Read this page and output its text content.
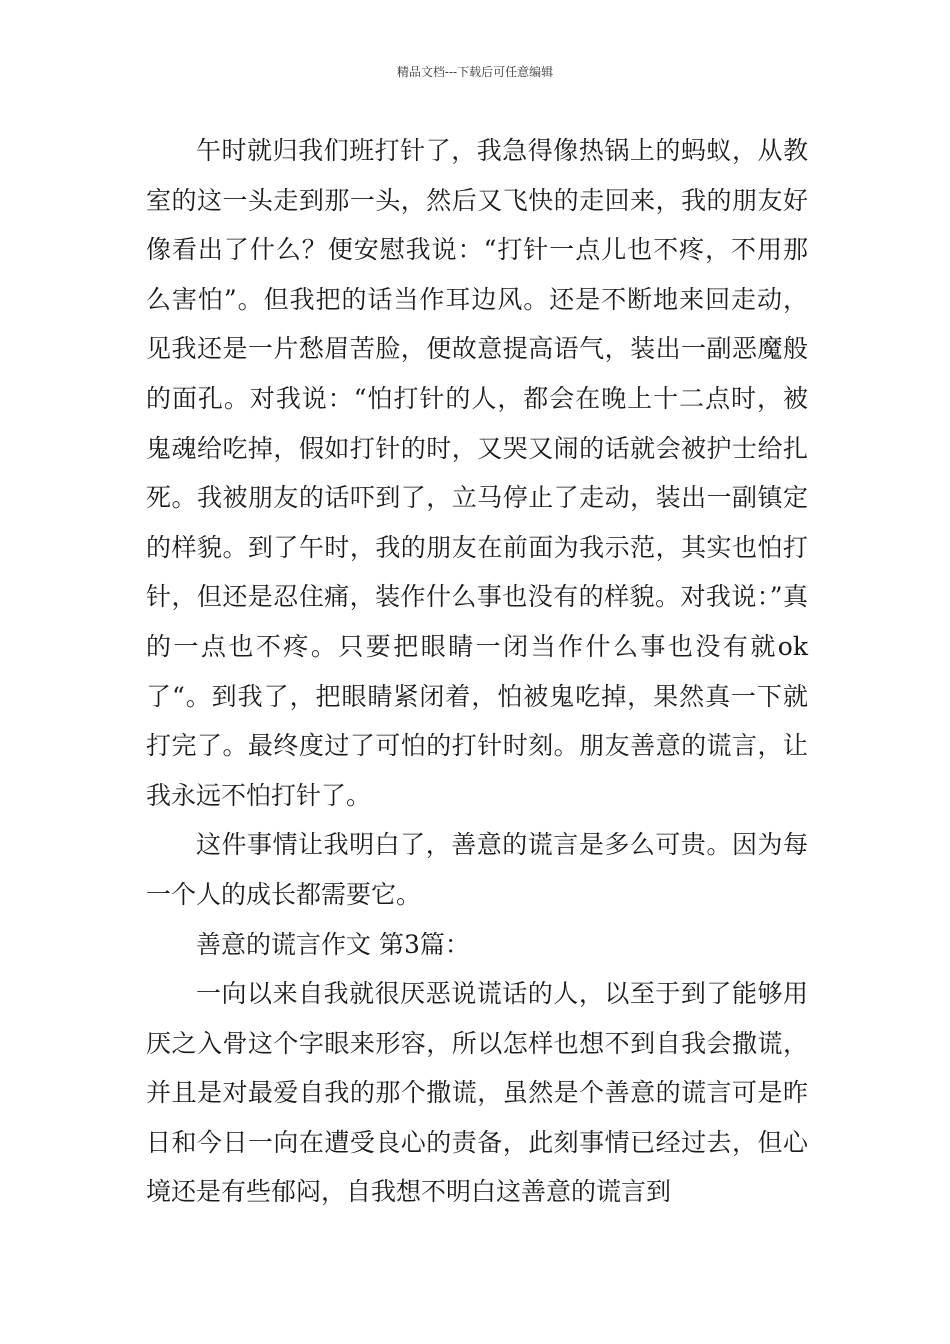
精品文档---下载后可任意编辑

午时就归我们班打针了，我急得像热锅上的蚂蚁，从教室的这一头走到那一头，然后又飞快的走回来，我的朋友好像看出了什么？便安慰我说：“打针一点儿也不疼，不用那么害怕”。但我把的话当作耳边风。还是不断地来回走动，见我还是一片愁眉苦脸，便故意提高语气，装出一副恶魔般的面孔。对我说：“怕打针的人，都会在晚上十二点时，被鬼魂给吃掉，假如打针的时，又哭又闹的话就会被护士给扎死。我被朋友的话吓到了，立马停止了走动，装出一副镇定的样貌。到了午时，我的朋友在前面为我示范，其实也怕打针，但还是忍住痛，装作什么事也没有的样貌。对我说：”真的一点也不疼。只要把眼睛一闭当作什么事也没有就ok了“。到我了，把眼睛紧闭着，怕被鬼吃掉，果然真一下就打完了。最终度过了可怕的打针时刻。朋友善意的谎言，让我永远不怕打针了。

这件事情让我明白了，善意的谎言是多么可贵。因为每一个人的成长都需要它。

善意的谎言作文 第3篇：

一向以来自我就很厌恶说谎话的人，以至于到了能够用厌之入骨这个字眼来形容，所以怎样也想不到自我会撒谎，并且是对最爱自我的那个撒谎，虽然是个善意的谎言可是昨日和今日一向在遭受良心的责备，此刻事情已经过去，但心境还是有些郁闷，自我想不明白这善意的谎言到
